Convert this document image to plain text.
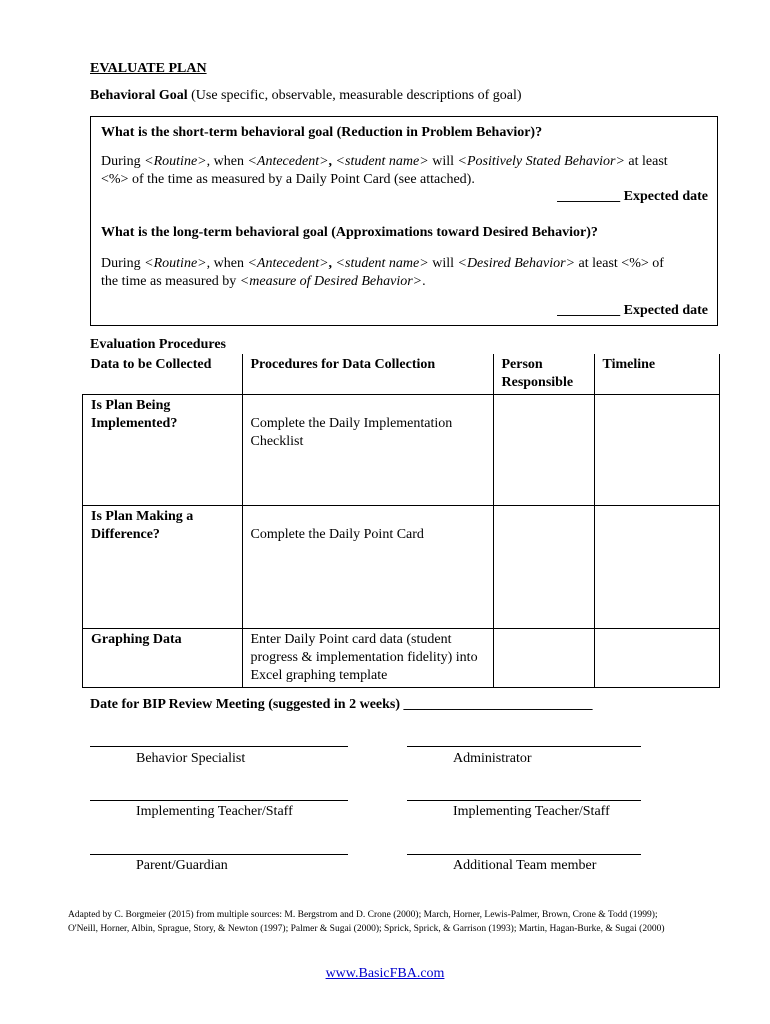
EVALUATE PLAN
Behavioral Goal (Use specific, observable, measurable descriptions of goal)
What is the short-term behavioral goal (Reduction in Problem Behavior)?
During <Routine>, when <Antecedent>, <student name> will <Positively Stated Behavior> at least
<%> of the time as measured by a Daily Point Card (see attached).
_________ Expected date
What is the long-term behavioral goal (Approximations toward Desired Behavior)?
During <Routine>, when <Antecedent>, <student name> will <Desired Behavior> at least <%> of
the time as measured by <measure of Desired Behavior>.
_________ Expected date
Evaluation Procedures
Data to be Collected	Procedures for Data Collection	Person Responsible	Timeline
Is Plan Being Implemented?	Complete the Daily Implementation Checklist		
Is Plan Making a Difference?	Complete the Daily Point Card		
Graphing Data	Enter Daily Point card data (student progress & implementation fidelity) into Excel graphing template		
Date for BIP Review Meeting (suggested in 2 weeks) ___________________________
Behavior Specialist	Administrator
Implementing Teacher/Staff	Implementing Teacher/Staff
Parent/Guardian	Additional Team member
Adapted by C. Borgmeier (2015) from multiple sources: M. Bergstrom and D. Crone (2000); March, Horner, Lewis-Palmer, Brown, Crone & Todd (1999);
O'Neill, Horner, Albin, Sprague, Story, & Newton (1997); Palmer & Sugai (2000); Sprick, Sprick, & Garrison (1993); Martin, Hagan-Burke, & Sugai (2000)
www.BasicFBA.com
